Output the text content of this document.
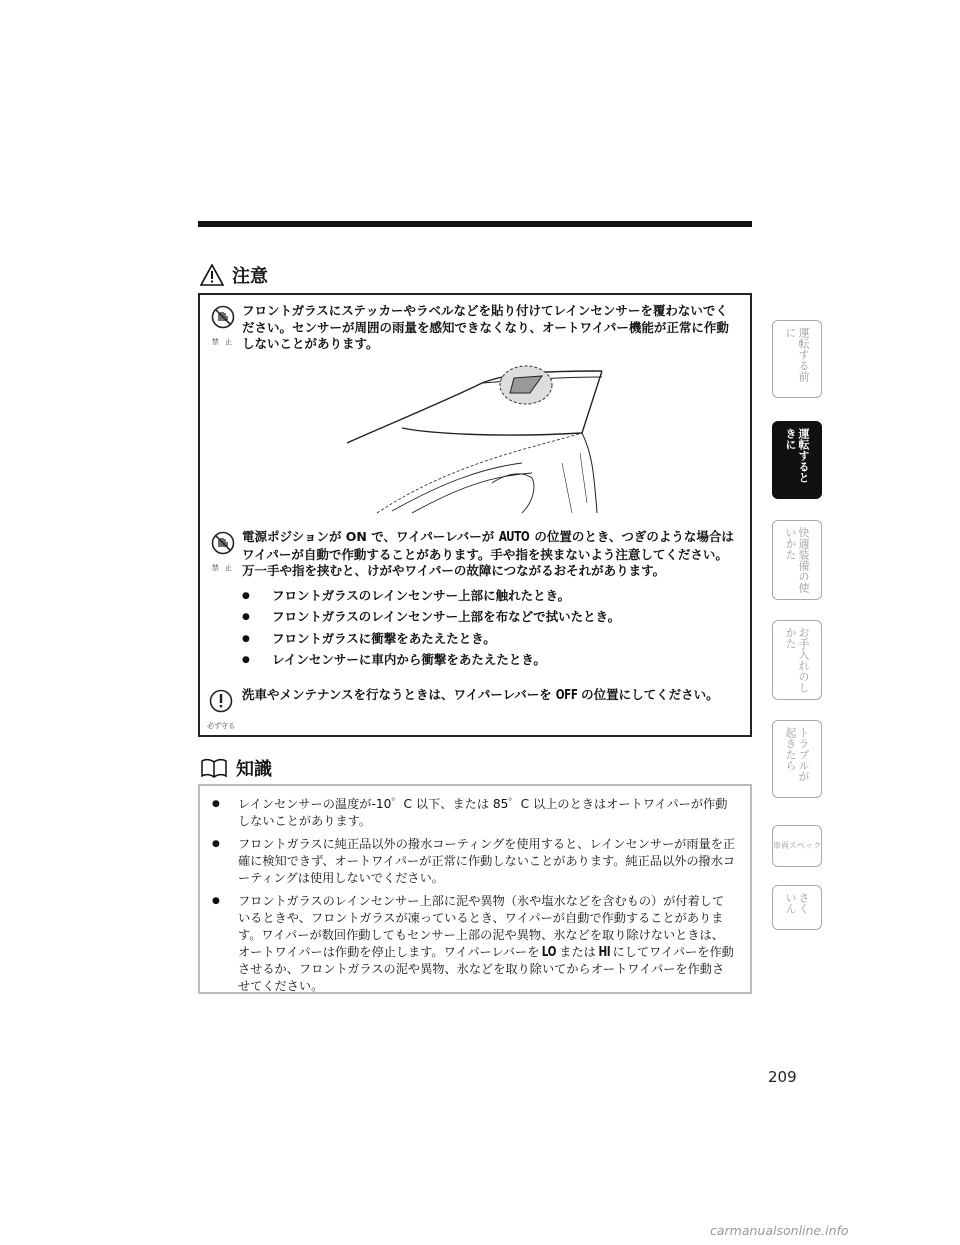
注意
禁 止
フロントガラスにステッカーやラベルなどを貼り付けてレインセンサーを覆わないでください。センサーが周囲の雨量を感知できなくなり、オートワイパー機能が正常に作動しないことがあります。
禁 止
電源ポジションが ON で、ワイパーレバーが AUTO の位置のとき、つぎのような場合はワイパーが自動で作動することがあります。手や指を挟まないよう注意してください。万一手や指を挟むと、けがやワイパーの故障につながるおそれがあります。
● フロントガラスのレインセンサー上部に触れたとき。
● フロントガラスのレインセンサー上部を布などで拭いたとき。
● フロントガラスに衝撃をあたえたとき。
● レインセンサーに車内から衝撃をあたえたとき。
必ず守る
洗車やメンテナンスを行なうときは、ワイパーレバーを OFF の位置にしてください。
知識
● レインセンサーの温度が-10゜C 以下、または 85゜C 以上のときはオートワイパーが作動しないことがあります。
● フロントガラスに純正品以外の撥水コーティングを使用すると、レインセンサーが雨量を正確に検知できず、オートワイパーが正常に作動しないことがあります。純正品以外の撥水コーティングは使用しないでください。
● フロントガラスのレインセンサー上部に泥や異物（氷や塩水などを含むもの）が付着しているときや、フロントガラスが凍っているとき、ワイパーが自動で作動することがあります。ワイパーが数回作動してもセンサー上部の泥や異物、氷などを取り除けないときは、オートワイパーは作動を停止します。ワイパーレバーを LO または HI にしてワイパーを作動させるか、フロントガラスの泥や異物、氷などを取り除いてからオートワイパーを作動させてください。
運転する前に
運転するときに
快適装備の使いかた
お手入れのしかた
トラブルが起きたら
車両スペック
さくいん
209
carmanualsonline.info
